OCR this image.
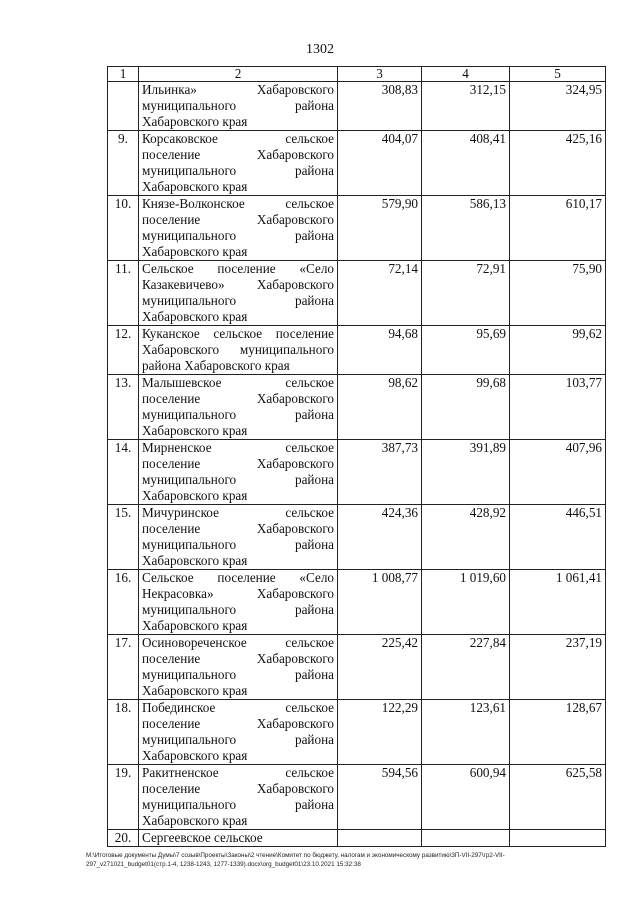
1302
1	2	3	4	5

	Ильинка» Хабаровского
муниципального района
Хабаровского края	308,83	312,15	324,95
9.	Корсаковское сельское
поселение Хабаровского
муниципального района
Хабаровского края	404,07	408,41	425,16
10.	Князе-Волконское сельское
поселение Хабаровского
муниципального района
Хабаровского края	579,90	586,13	610,17
11.	Сельское поселение «Село
Казакевичево» Хабаровского
муниципального района
Хабаровского края	72,14	72,91	75,90
12.	Куканское сельское поселение
Хабаровского муниципального
района Хабаровского края	94,68	95,69	99,62
13.	Малышевское сельское
поселение Хабаровского
муниципального района
Хабаровского края	98,62	99,68	103,77
14.	Мирненское сельское
поселение Хабаровского
муниципального района
Хабаровского края	387,73	391,89	407,96
15.	Мичуринское сельское
поселение Хабаровского
муниципального района
Хабаровского края	424,36	428,92	446,51
16.	Сельское поселение «Село
Некрасовка» Хабаровского
муниципального района
Хабаровского края	1 008,77	1 019,60	1 061,41
17.	Осиновореченское сельское
поселение Хабаровского
муниципального района
Хабаровского края	225,42	227,84	237,19
18.	Побединское сельское
поселение Хабаровского
муниципального района
Хабаровского края	122,29	123,61	128,67
19.	Ракитненское сельское
поселение Хабаровского
муниципального района
Хабаровского края	594,56	600,94	625,58
20.	Сергеевское сельское			

M:\Итоговые документы Думы\7 созыв\Проекты\Законы\2 чтение\Комитет по бюджету, налогам и экономическому развитию\3П-VII-297\гр2-VII-
297_v271021_budget01(стр.1-4, 1238-1243, 1277-1339).docx\org_budget01\23.10.2021 15:32:38
